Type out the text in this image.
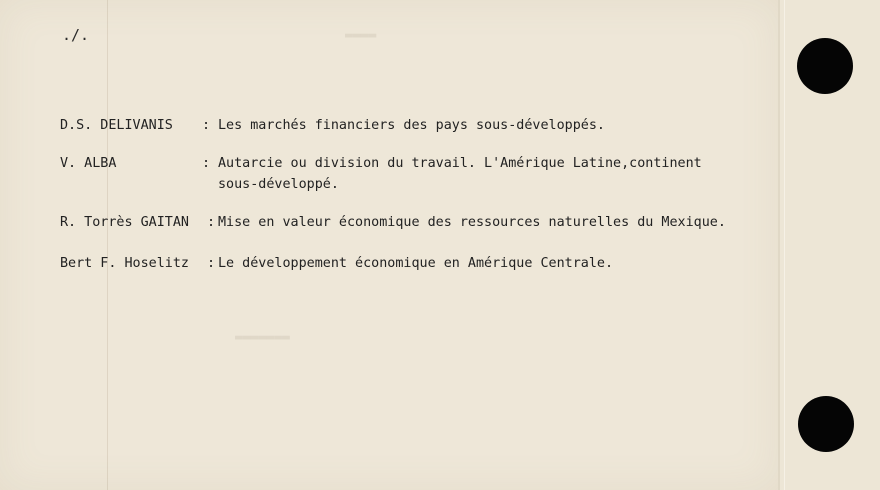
▬▬▬▬
▬▬▬▬▬▬▬
./.
D.S. DELIVANIS : Les marchés financiers des pays sous-développés.
V. ALBA	: Autarcie ou division du travail. L'Amérique Latine,continent
sous-développé.
R. Torrès GAITAN : Mise en valeur économique des ressources naturelles du Mexique.
Bert F. Hoselitz : Le développement économique en Amérique Centrale.
